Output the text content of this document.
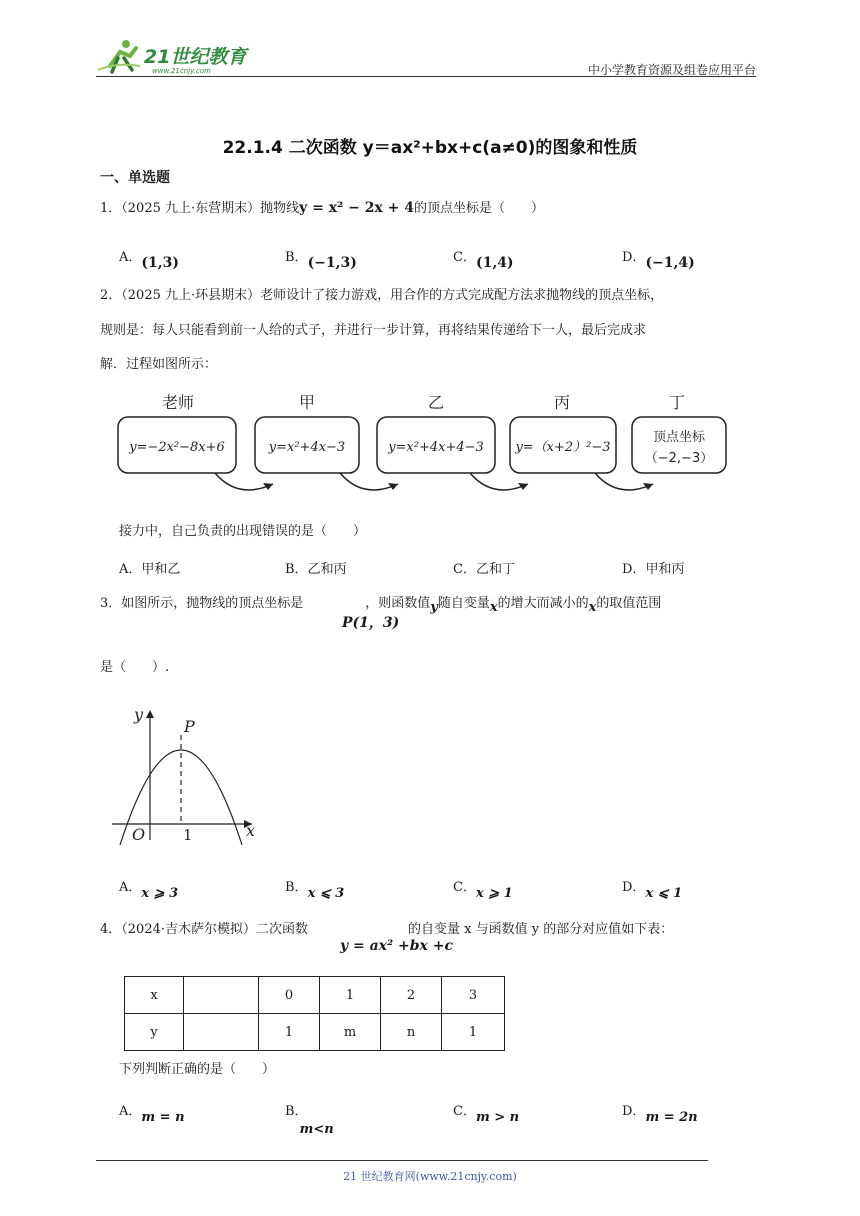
21世纪教育
www.21cnjy.com	中小学教育资源及组卷应用平台
22.1.4 二次函数 y＝ax²+bx+c(a≠0)的图象和性质
一、单选题
1．（2025 九上·东营期末）抛物线y = x² − 2x + 4的顶点坐标是（　　）
A．(1,3)	B．(−1,3)	C．(1,4)	D．(−1,4)
2．（2025 九上·环县期末）老师设计了接力游戏，用合作的方式完成配方法求抛物线的顶点坐标，
规则是：每人只能看到前一人给的式子，并进行一步计算，再将结果传递给下一人，最后完成求
解．过程如图所示：
老师	甲	乙	丙	丁
y=−2x²−8x+6	y=x²+4x−3	y=x²+4x+4−3 y=（x+2）²−3
顶点坐标
（−2,−3）
接力中，自己负责的出现错误的是（　　）
A．甲和乙	B．乙和丙	C．乙和丁	D．甲和丙
3．如图所示，抛物线的顶点坐标是	，则函数值y随自变量x的增大而减小的x的取值范围
P(1，3)
是（　　）.
y
x
P
O	1
A．x ⩾ 3	B．x ⩽ 3	C．x ⩾ 1	D．x ⩽ 1
4．（2024·吉木萨尔模拟）二次函数	的自变量 x 与函数值 y 的部分对应值如下表：
y = ax² +bx +c
x		0	1	2	3
y		1	m	n	1
下列判断正确的是（　　）
A．m = n	B．m<n
C．m > n	D．m = 2n
21 世纪教育网(www.21cnjy.com)
